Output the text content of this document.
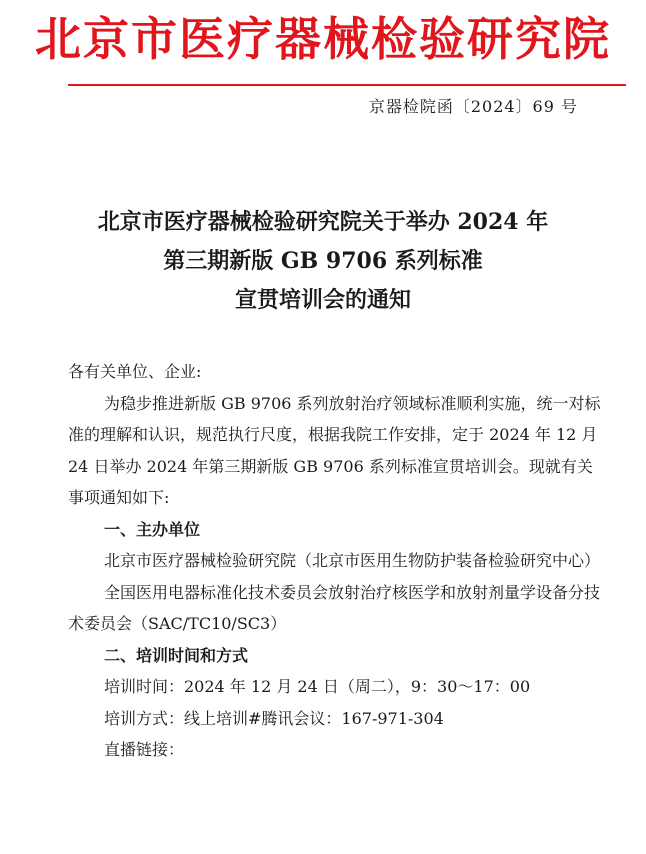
北京市医疗器械检验研究院
京器检院函〔2024〕69 号
北京市医疗器械检验研究院关于举办 2024 年
第三期新版 GB 9706 系列标准
宣贯培训会的通知

各有关单位、企业:

为稳步推进新版 GB 9706 系列放射治疗领域标准顺利实施，统一对标准的理解和认识，规范执行尺度，根据我院工作安排，定于 2024 年 12 月 24 日举办 2024 年第三期新版 GB 9706 系列标准宣贯培训会。现就有关事项通知如下:

一、主办单位

北京市医疗器械检验研究院（北京市医用生物防护装备检验研究中心）

全国医用电器标准化技术委员会放射治疗核医学和放射剂量学设备分技术委员会（SAC/TC10/SC3）

二、培训时间和方式

培训时间：2024 年 12 月 24 日（周二），9：30～17：00

培训方式：线上培训#腾讯会议：167-971-304

直播链接：
